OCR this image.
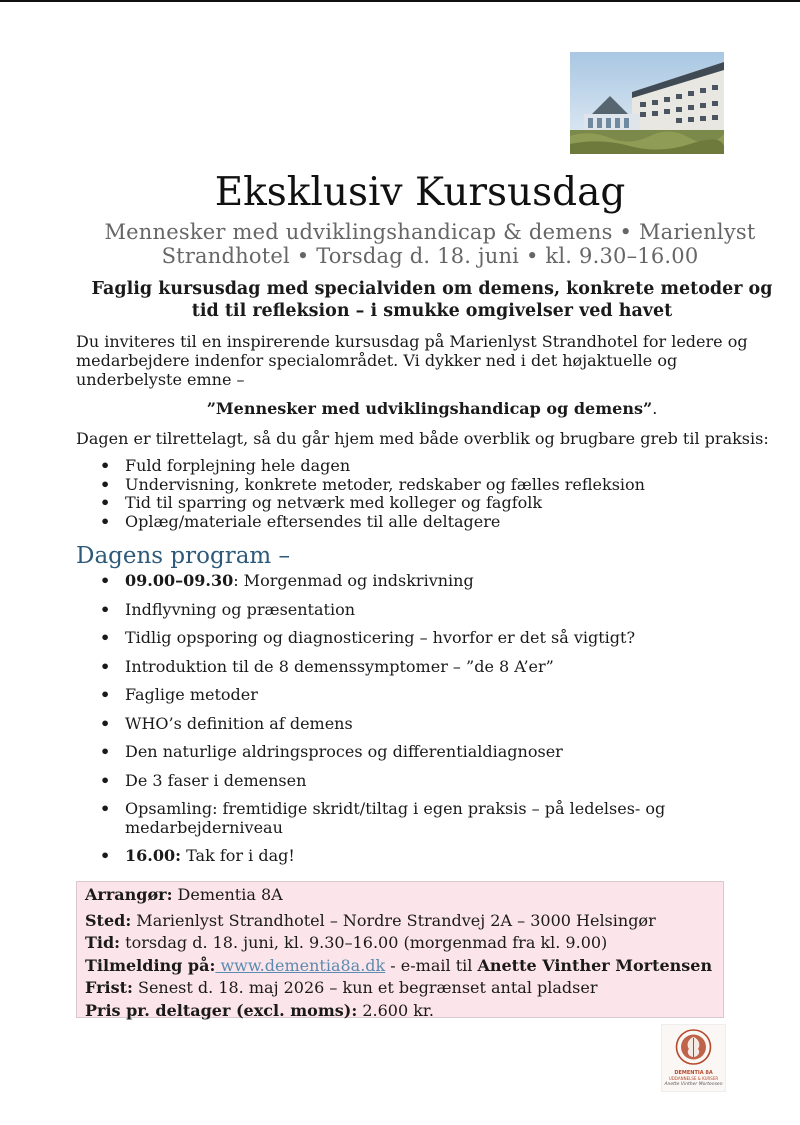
Eksklusiv Kursusdag
Mennesker med udviklingshandicap & demens • Marienlyst Strandhotel • Torsdag d. 18. juni • kl. 9.30–16.00
Faglig kursusdag med specialviden om demens, konkrete metoder og tid til refleksion – i smukke omgivelser ved havet
Du inviteres til en inspirerende kursusdag på Marienlyst Strandhotel for ledere og medarbejdere indenfor specialområdet. Vi dykker ned i det højaktuelle og underbelyste emne –
”Mennesker med udviklingshandicap og demens”.
Dagen er tilrettelagt, så du går hjem med både overblik og brugbare greb til praksis:
• Fuld forplejning hele dagen
• Undervisning, konkrete metoder, redskaber og fælles refleksion
• Tid til sparring og netværk med kolleger og fagfolk
• Oplæg/materiale eftersendes til alle deltagere
Dagens program –
• 09.00–09.30: Morgenmad og indskrivning
• Indflyvning og præsentation
• Tidlig opsporing og diagnosticering – hvorfor er det så vigtigt?
• Introduktion til de 8 demenssymptomer – ”de 8 A’er”
• Faglige metoder
• WHO’s definition af demens
• Den naturlige aldringsproces og differentialdiagnoser
• De 3 faser i demensen
• Opsamling: fremtidige skridt/tiltag i egen praksis – på ledelses- og medarbejderniveau
• 16.00: Tak for i dag!
Arrangør: Dementia 8A
Sted: Marienlyst Strandhotel – Nordre Strandvej 2A – 3000 Helsingør
Tid: torsdag d. 18. juni, kl. 9.30–16.00 (morgenmad fra kl. 9.00)
Tilmelding på: www.dementia8a.dk - e-mail til Anette Vinther Mortensen
Frist: Senest d. 18. maj 2026 – kun et begrænset antal pladser
Pris pr. deltager (excl. moms): 2.600 kr.
DEMENTIA 8A
UDDANNELSE & KURSER
Anette Vinther Mortensen
